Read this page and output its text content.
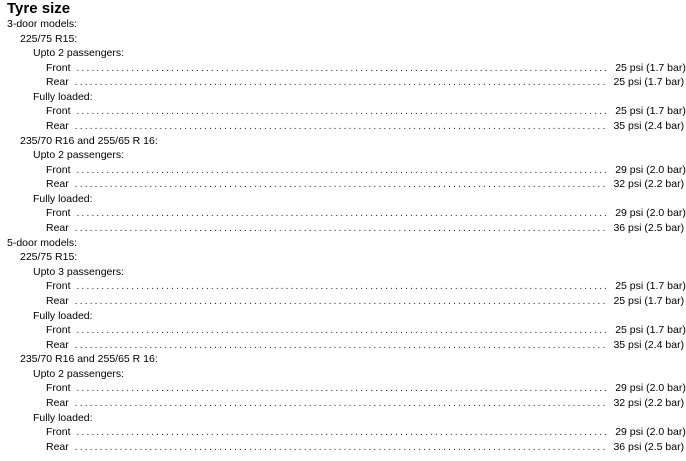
Tyre size
3-door models:
225/75 R15:
Upto 2 passengers:
Front ........................................................................................................... 25 psi (1.7 bar)
Rear ........................................................................................................... 25 psi (1.7 bar)
Fully loaded:
Front ........................................................................................................... 25 psi (1.7 bar)
Rear ........................................................................................................... 35 psi (2.4 bar)
235/70 R16 and 255/65 R 16:
Upto 2 passengers:
Front ........................................................................................................... 29 psi (2.0 bar)
Rear ........................................................................................................... 32 psi (2.2 bar)
Fully loaded:
Front ........................................................................................................... 29 psi (2.0 bar)
Rear ........................................................................................................... 36 psi (2.5 bar)
5-door models:
225/75 R15:
Upto 3 passengers:
Front ........................................................................................................... 25 psi (1.7 bar)
Rear ........................................................................................................... 25 psi (1.7 bar)
Fully loaded:
Front ........................................................................................................... 25 psi (1.7 bar)
Rear ........................................................................................................... 35 psi (2.4 bar)
235/70 R16 and 255/65 R 16:
Upto 2 passengers:
Front ........................................................................................................... 29 psi (2.0 bar)
Rear ........................................................................................................... 32 psi (2.2 bar)
Fully loaded:
Front ........................................................................................................... 29 psi (2.0 bar)
Rear ........................................................................................................... 36 psi (2.5 bar)
